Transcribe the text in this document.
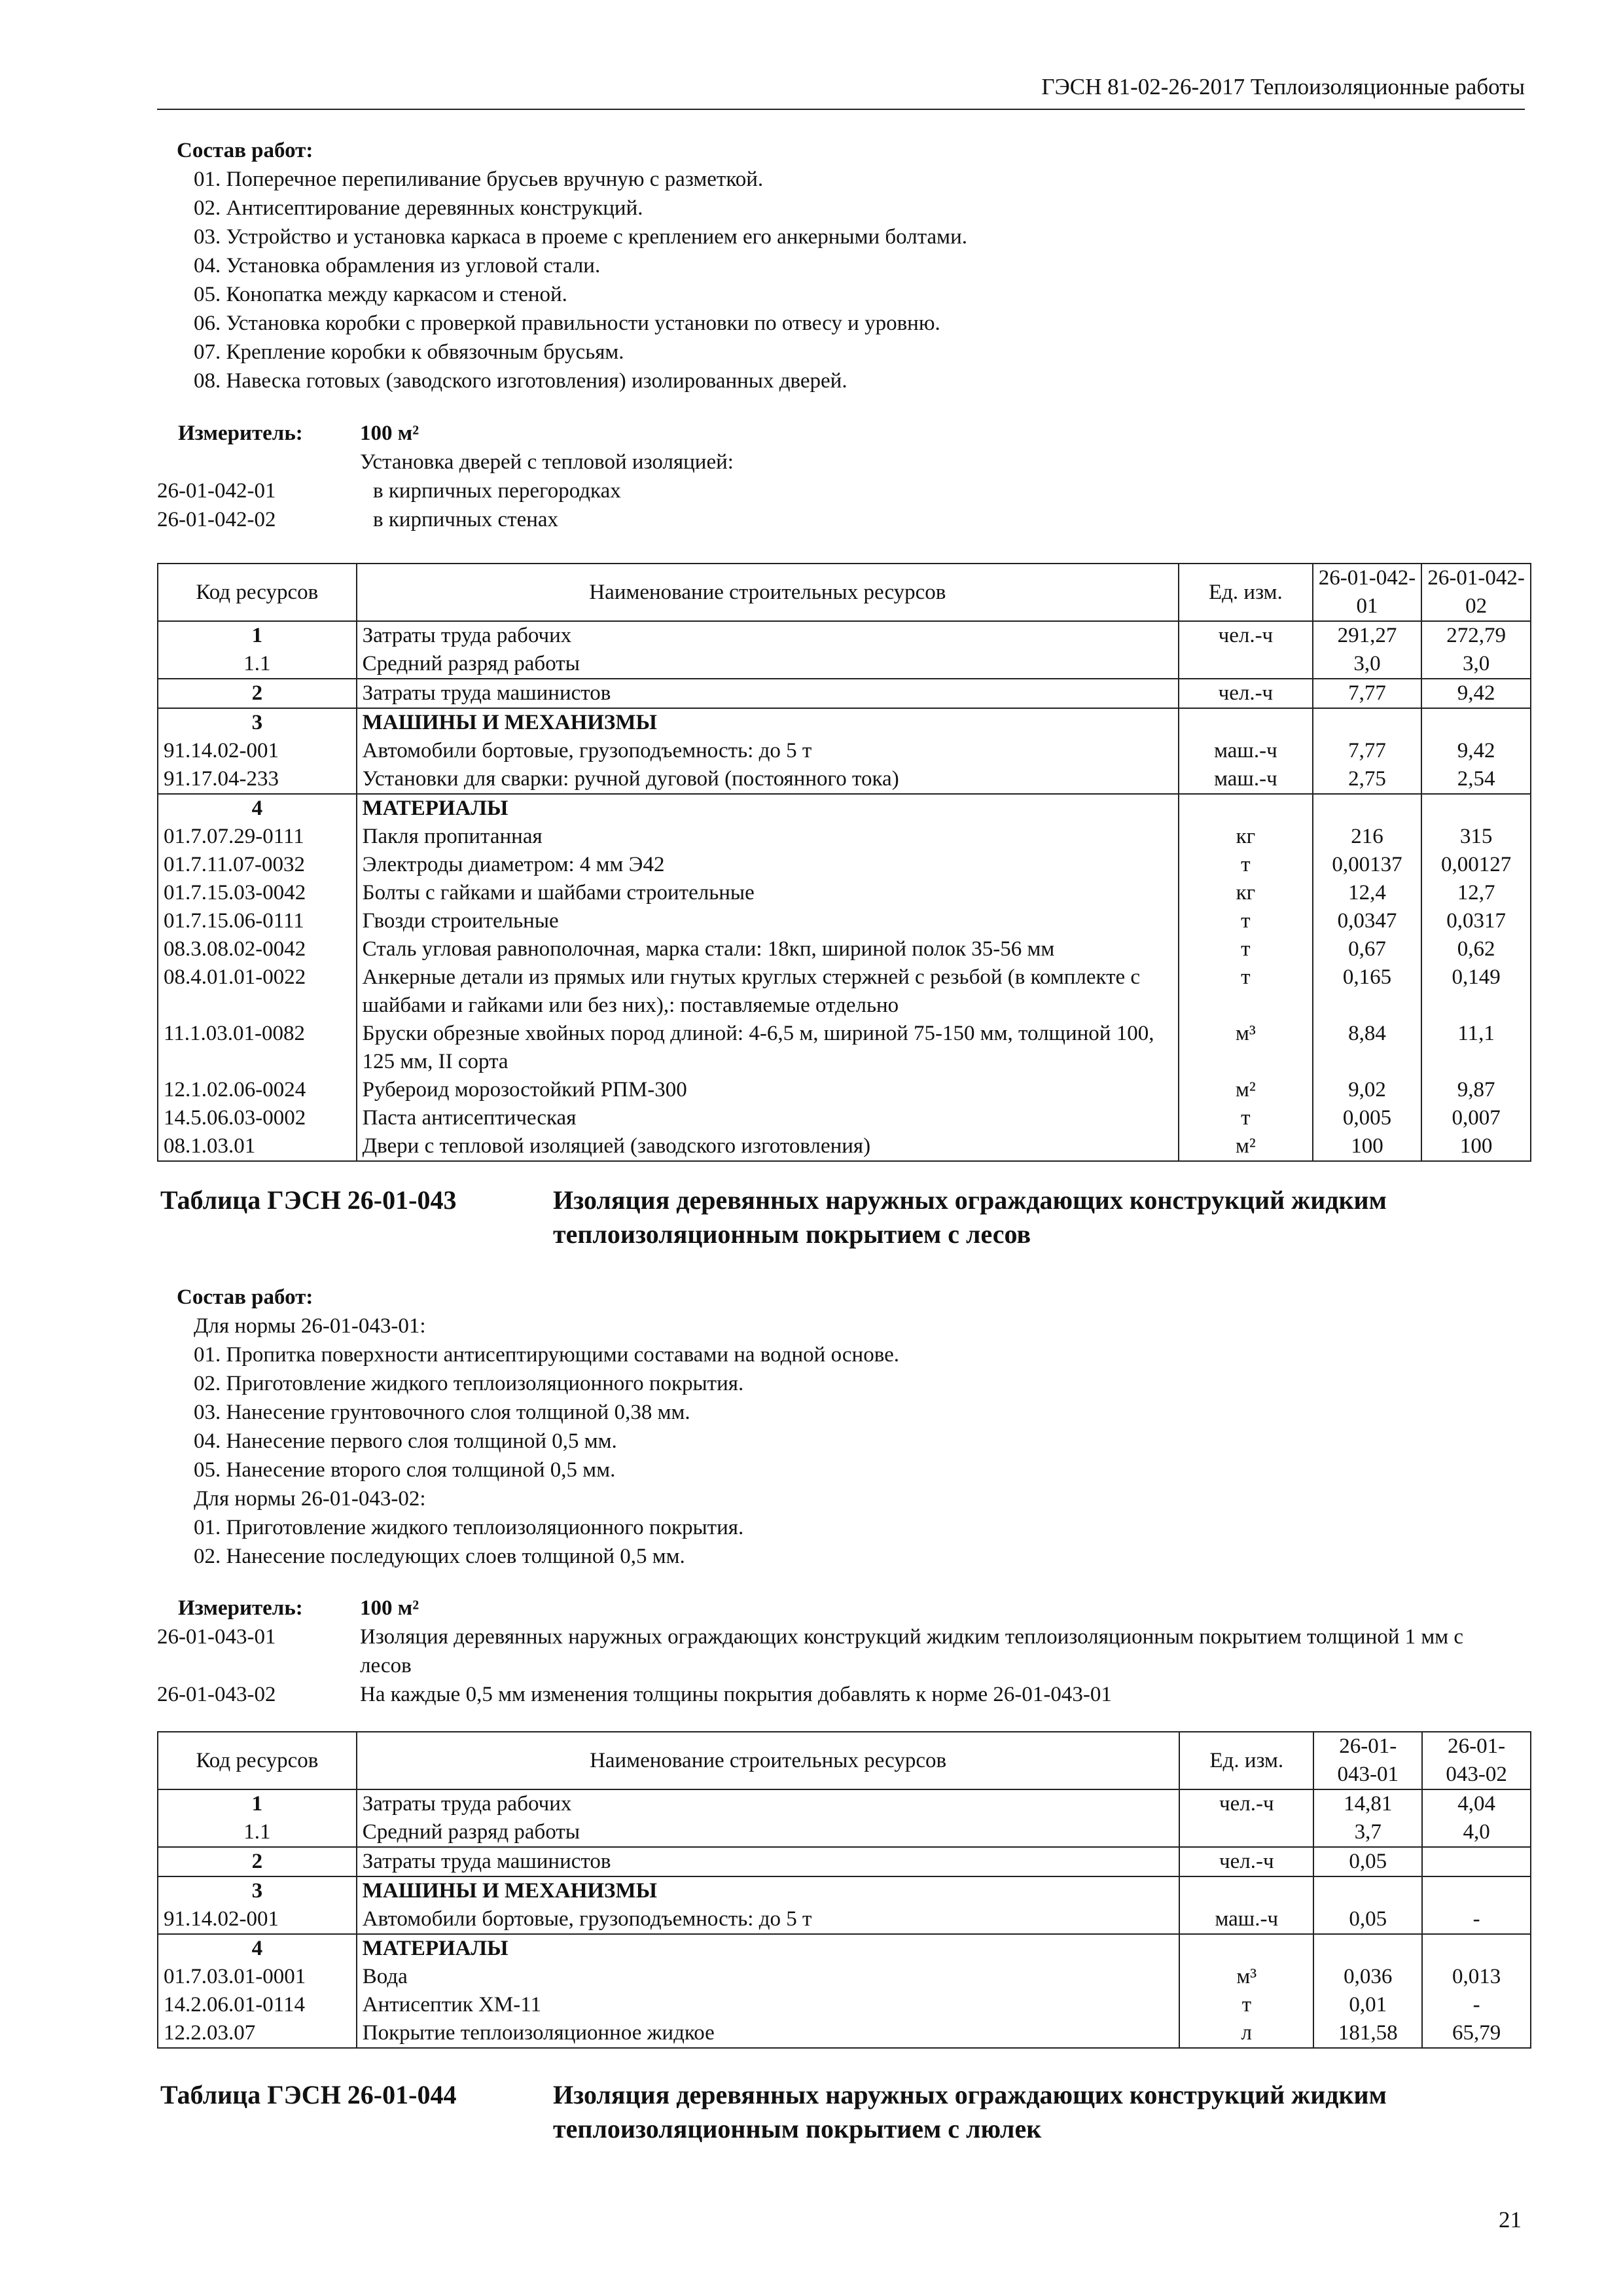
ГЭСН 81-02-26-2017 Теплоизоляционные работы
Состав работ:
01. Поперечное перепиливание брусьев вручную с разметкой.
02. Антисептирование деревянных конструкций.
03. Устройство и установка каркаса в проеме с креплением его анкерными болтами.
04. Установка обрамления из угловой стали.
05. Конопатка между каркасом и стеной.
06. Установка коробки с проверкой правильности установки по отвесу и уровню.
07. Крепление коробки к обвязочным брусьям.
08. Навеска готовых (заводского изготовления) изолированных дверей.
Измеритель:	100 м²
Установка дверей с тепловой изоляцией:
26-01-042-01	в кирпичных перегородках
26-01-042-02	в кирпичных стенах
Код ресурсов	Наименование строительных ресурсов	Ед. изм.	26-01-042-01	26-01-042-02
1	Затраты труда рабочих	чел.-ч	291,27	272,79
1.1	Средний разряд работы		3,0	3,0
2	Затраты труда машинистов	чел.-ч	7,77	9,42
3	МАШИНЫ И МЕХАНИЗМЫ			
91.14.02-001	Автомобили бортовые, грузоподъемность: до 5 т	маш.-ч	7,77	9,42
91.17.04-233	Установки для сварки: ручной дуговой (постоянного тока)	маш.-ч	2,75	2,54
4	МАТЕРИАЛЫ			
01.7.07.29-0111	Пакля пропитанная	кг	216	315
01.7.11.07-0032	Электроды диаметром: 4 мм Э42	т	0,00137	0,00127
01.7.15.03-0042	Болты с гайками и шайбами строительные	кг	12,4	12,7
01.7.15.06-0111	Гвозди строительные	т	0,0347	0,0317
08.3.08.02-0042	Сталь угловая равнополочная, марка стали: 18кп, шириной полок 35-56 мм	т	0,67	0,62
08.4.01.01-0022	Анкерные детали из прямых или гнутых круглых стержней с резьбой (в комплекте с шайбами и гайками или без них),: поставляемые отдельно	т	0,165	0,149
11.1.03.01-0082	Бруски обрезные хвойных пород длиной: 4-6,5 м, шириной 75-150 мм, толщиной 100, 125 мм, II сорта	м³	8,84	11,1
12.1.02.06-0024	Рубероид морозостойкий РПМ-300	м²	9,02	9,87
14.5.06.03-0002	Паста антисептическая	т	0,005	0,007
08.1.03.01	Двери с тепловой изоляцией (заводского изготовления)	м²	100	100
Таблица ГЭСН 26-01-043	Изоляция деревянных наружных ограждающих конструкций жидким теплоизоляционным покрытием с лесов
Состав работ:
Для нормы 26-01-043-01:
01. Пропитка поверхности антисептирующими составами на водной основе.
02. Приготовление жидкого теплоизоляционного покрытия.
03. Нанесение грунтовочного слоя толщиной 0,38 мм.
04. Нанесение первого слоя толщиной 0,5 мм.
05. Нанесение второго слоя толщиной 0,5 мм.
Для нормы 26-01-043-02:
01. Приготовление жидкого теплоизоляционного покрытия.
02. Нанесение последующих слоев толщиной 0,5 мм.
Измеритель:	100 м²
26-01-043-01	Изоляция деревянных наружных ограждающих конструкций жидким теплоизоляционным покрытием толщиной 1 мм с лесов
26-01-043-02	На каждые 0,5 мм изменения толщины покрытия добавлять к норме 26-01-043-01
Код ресурсов	Наименование строительных ресурсов	Ед. изм.	26-01-043-01	26-01-043-02
1	Затраты труда рабочих	чел.-ч	14,81	4,04
1.1	Средний разряд работы		3,7	4,0
2	Затраты труда машинистов	чел.-ч	0,05	
3	МАШИНЫ И МЕХАНИЗМЫ			
91.14.02-001	Автомобили бортовые, грузоподъемность: до 5 т	маш.-ч	0,05	-
4	МАТЕРИАЛЫ			
01.7.03.01-0001	Вода	м³	0,036	0,013
14.2.06.01-0114	Антисептик ХМ-11	т	0,01	-
12.2.03.07	Покрытие теплоизоляционное жидкое	л	181,58	65,79
Таблица ГЭСН 26-01-044	Изоляция деревянных наружных ограждающих конструкций жидким теплоизоляционным покрытием с люлек
21
